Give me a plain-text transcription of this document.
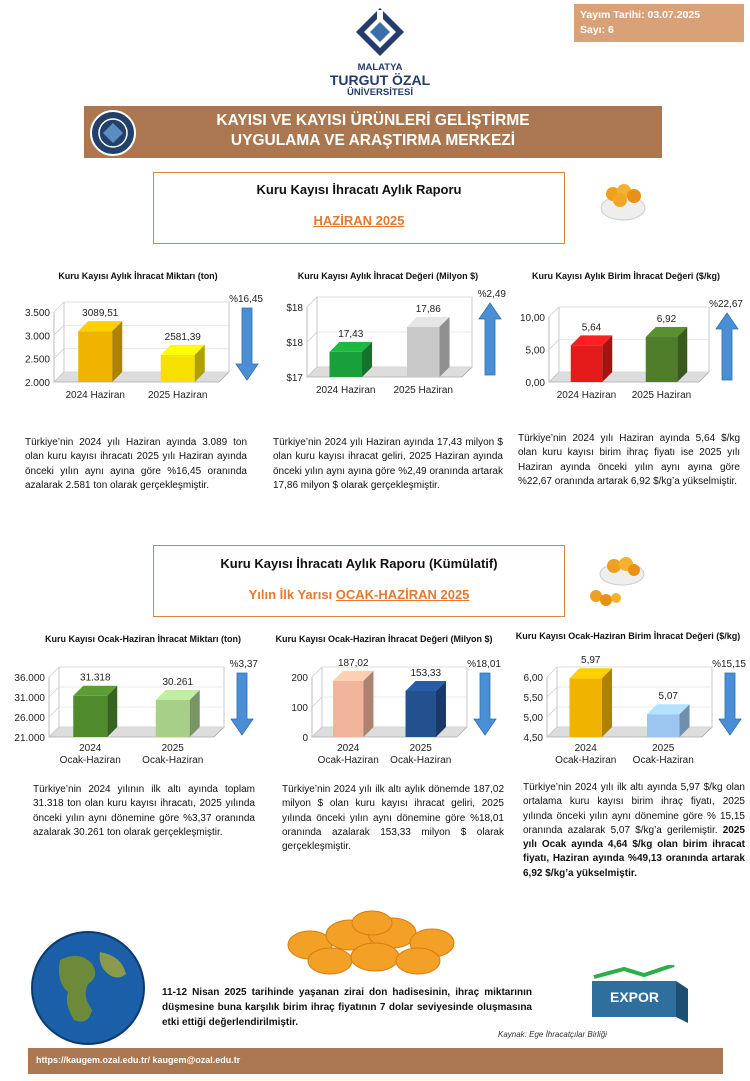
Yayım Tarihi: 03.07.2025
Sayı: 6
MALATYA
TURGUT ÖZAL
ÜNİVERSİTESİ
KAYISI VE KAYISI ÜRÜNLERİ GELİŞTİRME
UYGULAMA VE ARAŞTIRMA MERKEZİ
Kuru Kayısı İhracatı Aylık Raporu
HAZİRAN 2025
Kuru Kayısı Aylık İhracat Miktarı (ton)	Kuru Kayısı Aylık İhracat Değeri (Milyon $)	Kuru Kayısı Aylık Birim İhracat Değeri ($/kg)
3.500
3.000
2.500
2.000
3089,51
2024 Haziran
2581,39
2025 Haziran
%16,45
$18
$18
$17
17,43
2024 Haziran
17,86
2025 Haziran
%2,49
10,00
5,00
0,00
5,64
2024 Haziran
6,92
2025 Haziran
%22,67
Türkiye’nin 2024 yılı Haziran ayında 3.089 ton olan kuru kayısı ihracatı 2025 yılı Haziran ayında önceki yılın aynı ayına göre %16,45 oranında azalarak 2.581 ton olarak gerçekleşmiştir.
Türkiye’nin 2024 yılı Haziran ayında 17,43 milyon $ olan kuru kayısı ihracat geliri, 2025 Haziran ayında önceki yılın aynı ayına göre %2,49 oranında artarak 17,86 milyon $ olarak gerçekleşmiştir.
Türkiye’nin 2024 yılı Haziran ayında 5,64 $/kg olan kuru kayısı birim ihraç fiyatı ise 2025 yılı Haziran ayında önceki yılın aynı ayına göre %22,67 oranında artarak 6,92 $/kg’a yükselmiştir.
Kuru Kayısı İhracatı Aylık Raporu (Kümülatif)
Yılın İlk Yarısı OCAK-HAZİRAN 2025
Kuru Kayısı Ocak-Haziran İhracat Miktarı (ton)	Kuru Kayısı Ocak-Haziran İhracat Değeri (Milyon $)	Kuru Kayısı Ocak-Haziran Birim İhracat Değeri ($/kg)
36.000
31.000
26.000
21.000
31.318
2024
Ocak-Haziran
30.261
2025
Ocak-Haziran
%3,37
200
100
0
187,02
2024
Ocak-Haziran
153,33
2025
Ocak-Haziran
%18,01
6,00
5,50
5,00
4,50
5,97
2024
Ocak-Haziran
5,07
2025
Ocak-Haziran
%15,15
Türkiye’nin 2024 yılının ilk altı ayında toplam 31.318 ton olan kuru kayısı ihracatı, 2025 yılında önceki yılın aynı dönemine göre %3,37 oranında azalarak 30.261 ton olarak gerçekleşmiştir.
Türkiye’nin 2024 yılı ilk altı aylık dönemde 187,02 milyon $ olan kuru kayısı ihracat geliri, 2025 yılında önceki yılın aynı dönemine göre %18,01 oranında azalarak 153,33 milyon $ olarak gerçekleşmiştir.
Türkiye’nin 2024 yılı ilk altı ayında 5,97 $/kg olan ortalama kuru kayısı birim ihraç fiyatı, 2025 yılında önceki yılın aynı dönemine göre % 15,15 oranında azalarak 5,07 $/kg’a gerilemiştir. 2025 yılı Ocak ayında 4,64 $/kg olan birim ihracat fiyatı, Haziran ayında %49,13 oranında artarak 6,92 $/kg’a yükselmiştir.
11-12 Nisan 2025 tarihinde yaşanan zirai don hadisesinin, ihraç miktarının düşmesine buna karşılık birim ihraç fiyatının 7 dolar seviyesinde oluşmasına etki ettiği değerlendirilmiştir.
EXPOR
Kaynak: Ege İhracatçılar Birliği
https://kaugem.ozal.edu.tr/ kaugem@ozal.edu.tr
